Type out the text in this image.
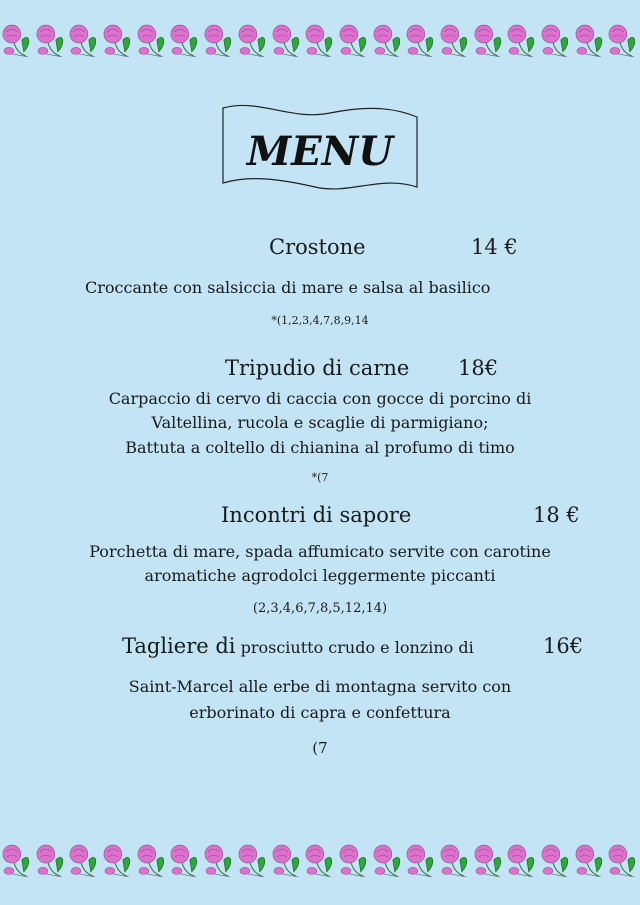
MENU
Crostone	14 €
Croccante con salsiccia di mare e salsa al basilico
*(1,2,3,4,7,8,9,14
Tripudio di carne 18€
Carpaccio di cervo di caccia con gocce di porcino di
Valtellina, rucola e scaglie di parmigiano;
Battuta a coltello di chianina al profumo di timo
*(7
Incontri di sapore	18 €
Porchetta di mare, spada affumicato servite con carotine
aromatiche agrodolci leggermente piccanti
(2,3,4,6,7,8,5,12,14)
Tagliere di prosciutto crudo e lonzino di	16€
Saint-Marcel alle erbe di montagna servito con
erborinato di capra e confettura
(7
